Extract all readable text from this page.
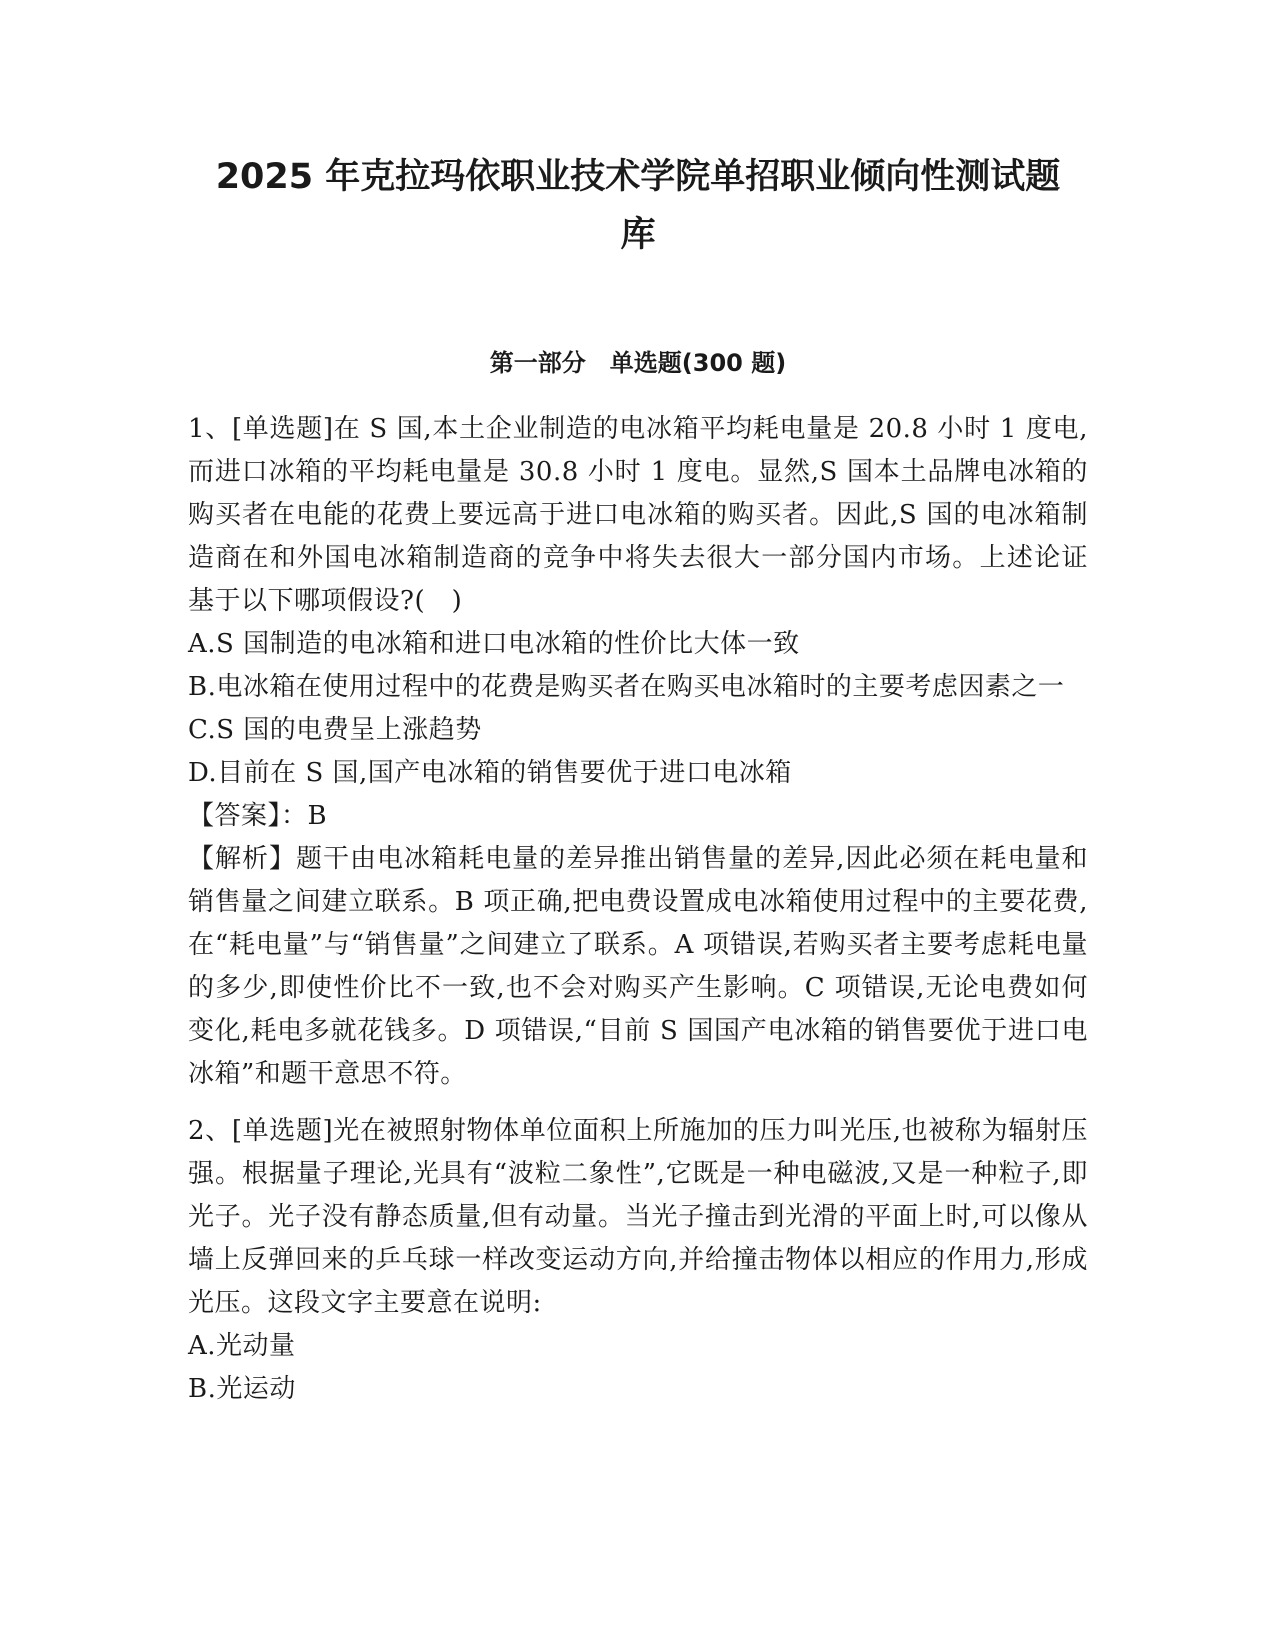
2025 年克拉玛依职业技术学院单招职业倾向性测试题
库
第一部分　单选题(300 题)

1、[单选题]在 S 国,本土企业制造的电冰箱平均耗电量是 20.8 小时 1 度电,而进口冰箱的平均耗电量是 30.8 小时 1 度电。显然,S 国本土品牌电冰箱的购买者在电能的花费上要远高于进口电冰箱的购买者。因此,S 国的电冰箱制造商在和外国电冰箱制造商的竞争中将失去很大一部分国内市场。上述论证基于以下哪项假设?(　)

A.S 国制造的电冰箱和进口电冰箱的性价比大体一致

B.电冰箱在使用过程中的花费是购买者在购买电冰箱时的主要考虑因素之一

C.S 国的电费呈上涨趋势

D.目前在 S 国,国产电冰箱的销售要优于进口电冰箱

【答案】：B

【解析】题干由电冰箱耗电量的差异推出销售量的差异,因此必须在耗电量和销售量之间建立联系。B 项正确,把电费设置成电冰箱使用过程中的主要花费,在“耗电量”与“销售量”之间建立了联系。A 项错误,若购买者主要考虑耗电量的多少,即使性价比不一致,也不会对购买产生影响。C 项错误,无论电费如何变化,耗电多就花钱多。D 项错误,“目前 S 国国产电冰箱的销售要优于进口电冰箱”和题干意思不符。

2、[单选题]光在被照射物体单位面积上所施加的压力叫光压,也被称为辐射压强。根据量子理论,光具有“波粒二象性”,它既是一种电磁波,又是一种粒子,即光子。光子没有静态质量,但有动量。当光子撞击到光滑的平面上时,可以像从墙上反弹回来的乒乓球一样改变运动方向,并给撞击物体以相应的作用力,形成光压。这段文字主要意在说明:

A.光动量

B.光运动
